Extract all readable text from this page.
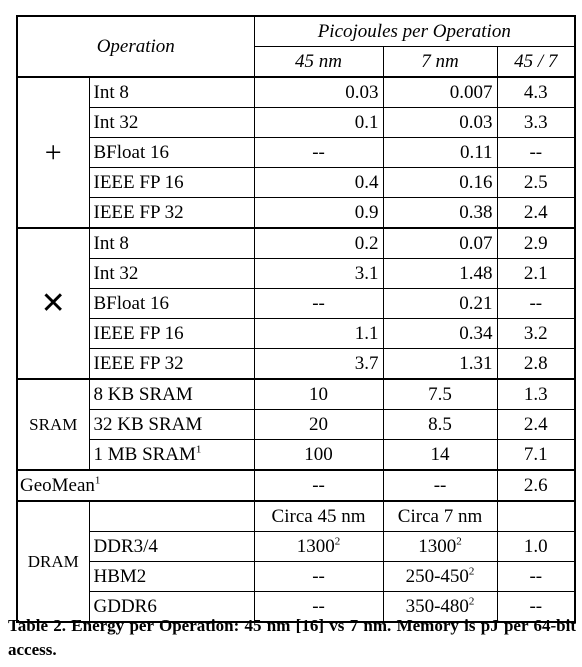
Operation		Picojoules per Operation		
		45 nm	7 nm	45 / 7
+	Int 8	0.03	0.007	4.3
	Int 32	0.1	0.03	3.3
	BFloat 16	--	0.11	--
	IEEE FP 16	0.4	0.16	2.5
	IEEE FP 32	0.9	0.38	2.4
✕	Int 8	0.2	0.07	2.9
	Int 32	3.1	1.48	2.1
	BFloat 16	--	0.21	--
	IEEE FP 16	1.1	0.34	3.2
	IEEE FP 32	3.7	1.31	2.8
SRAM	8 KB SRAM	10	7.5	1.3
	32 KB SRAM	20	8.5	2.4
	1 MB SRAM$^1$	100	14	7.1
GeoMean$^1$		--	--	2.6
DRAM		Circa 45 nm	Circa 7 nm	
	DDR3/4	1300$^2$	1300$^2$	1.0
	HBM2	--	$250-450^2$	--
	GDDR6	--	$350-480^2$	--
Table 2. Energy per Operation: 45 nm [16] vs 7 nm. Memory is pJ per 64-bit access.
